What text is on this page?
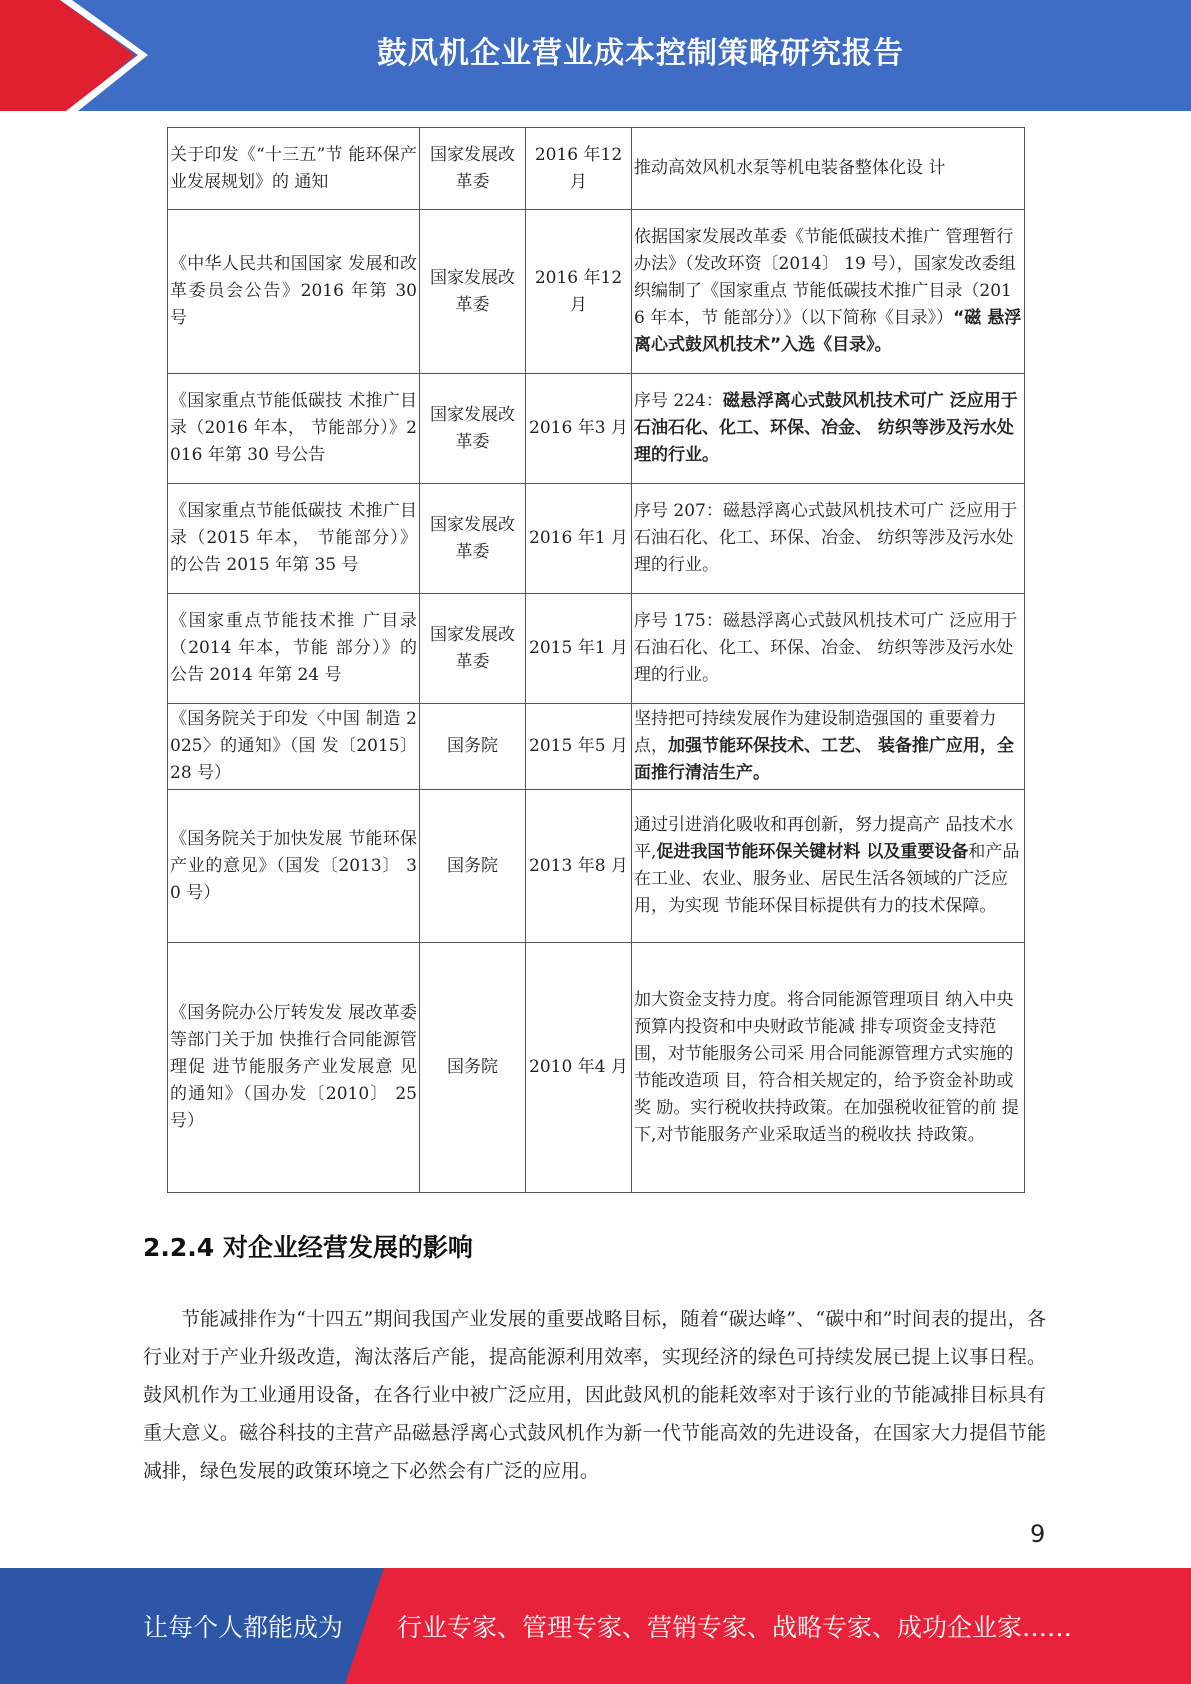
鼓风机企业营业成本控制策略研究报告
关于印发《“十三五”节 能环保产业发展规划》的 通知	国家发展改革委	2016 年12 月	推动高效风机水泵等机电装备整体化设 计
《中华人民共和国国家 发展和改革委员会公告》2016 年第 30 号	国家发展改革委	2016 年12 月	依据国家发展改革委《节能低碳技术推广 管理暂行办法》（发改环资〔2014〕 19 号），国家发改委组织编制了《国家重点 节能低碳技术推广目录（2016 年本，节 能部分）》（以下简称《目录》）“磁 悬浮离心式鼓风机技术”入选《目录》。
《国家重点节能低碳技 术推广目录（2016 年本， 节能部分）》2016 年第 30 号公告	国家发展改革委	2016 年3 月	序号 224：磁悬浮离心式鼓风机技术可广 泛应用于石油石化、化工、环保、冶金、 纺织等涉及污水处理的行业。
《国家重点节能低碳技 术推广目录（2015 年本， 节能部分）》的公告 2015 年第 35 号	国家发展改革委	2016 年1 月	序号 207：磁悬浮离心式鼓风机技术可广 泛应用于石油石化、化工、环保、冶金、 纺织等涉及污水处理的行业。
《国家重点节能技术推 广目录（2014 年本，节能 部分）》的公告 2014 年第 24 号	国家发展改革委	2015 年1 月	序号 175：磁悬浮离心式鼓风机技术可广 泛应用于石油石化、化工、环保、冶金、 纺织等涉及污水处理的行业。
《国务院关于印发〈中国 制造 2025〉的通知》（国 发〔2015〕 28 号）	国务院	2015 年5 月	坚持把可持续发展作为建设制造强国的 重要着力点，加强节能环保技术、工艺、 装备推广应用，全面推行清洁生产。
《国务院关于加快发展 节能环保产业的意见》（国发〔2013〕 30 号）	国务院	2013 年8 月	通过引进消化吸收和再创新，努力提高产 品技术水平,促进我国节能环保关键材料 以及重要设备和产品在工业、农业、服务业、居民生活各领域的广泛应用，为实现 节能环保目标提供有力的技术保障。
《国务院办公厅转发发 展改革委等部门关于加 快推行合同能源管理促 进节能服务产业发展意 见的通知》（国办发〔2010〕 25 号）	国务院	2010 年4 月	加大资金支持力度。将合同能源管理项目 纳入中央预算内投资和中央财政节能减 排专项资金支持范围，对节能服务公司采 用合同能源管理方式实施的节能改造项 目，符合相关规定的，给予资金补助或奖 励。实行税收扶持政策。在加强税收征管的前 提下,对节能服务产业采取适当的税收扶 持政策。
2.2.4 对企业经营发展的影响

节能减排作为“十四五”期间我国产业发展的重要战略目标，随着“碳达峰”、“碳中和”时间表的提出，各行业对于产业升级改造，淘汰落后产能，提高能源利用效率，实现经济的绿色可持续发展已提上议事日程。鼓风机作为工业通用设备，在各行业中被广泛应用，因此鼓风机的能耗效率对于该行业的节能减排目标具有重大意义。磁谷科技的主营产品磁悬浮离心式鼓风机作为新一代节能高效的先进设备，在国家大力提倡节能减排，绿色发展的政策环境之下必然会有广泛的应用。

9
让每个人都能成为 行业专家、管理专家、营销专家、战略专家、成功企业家……
